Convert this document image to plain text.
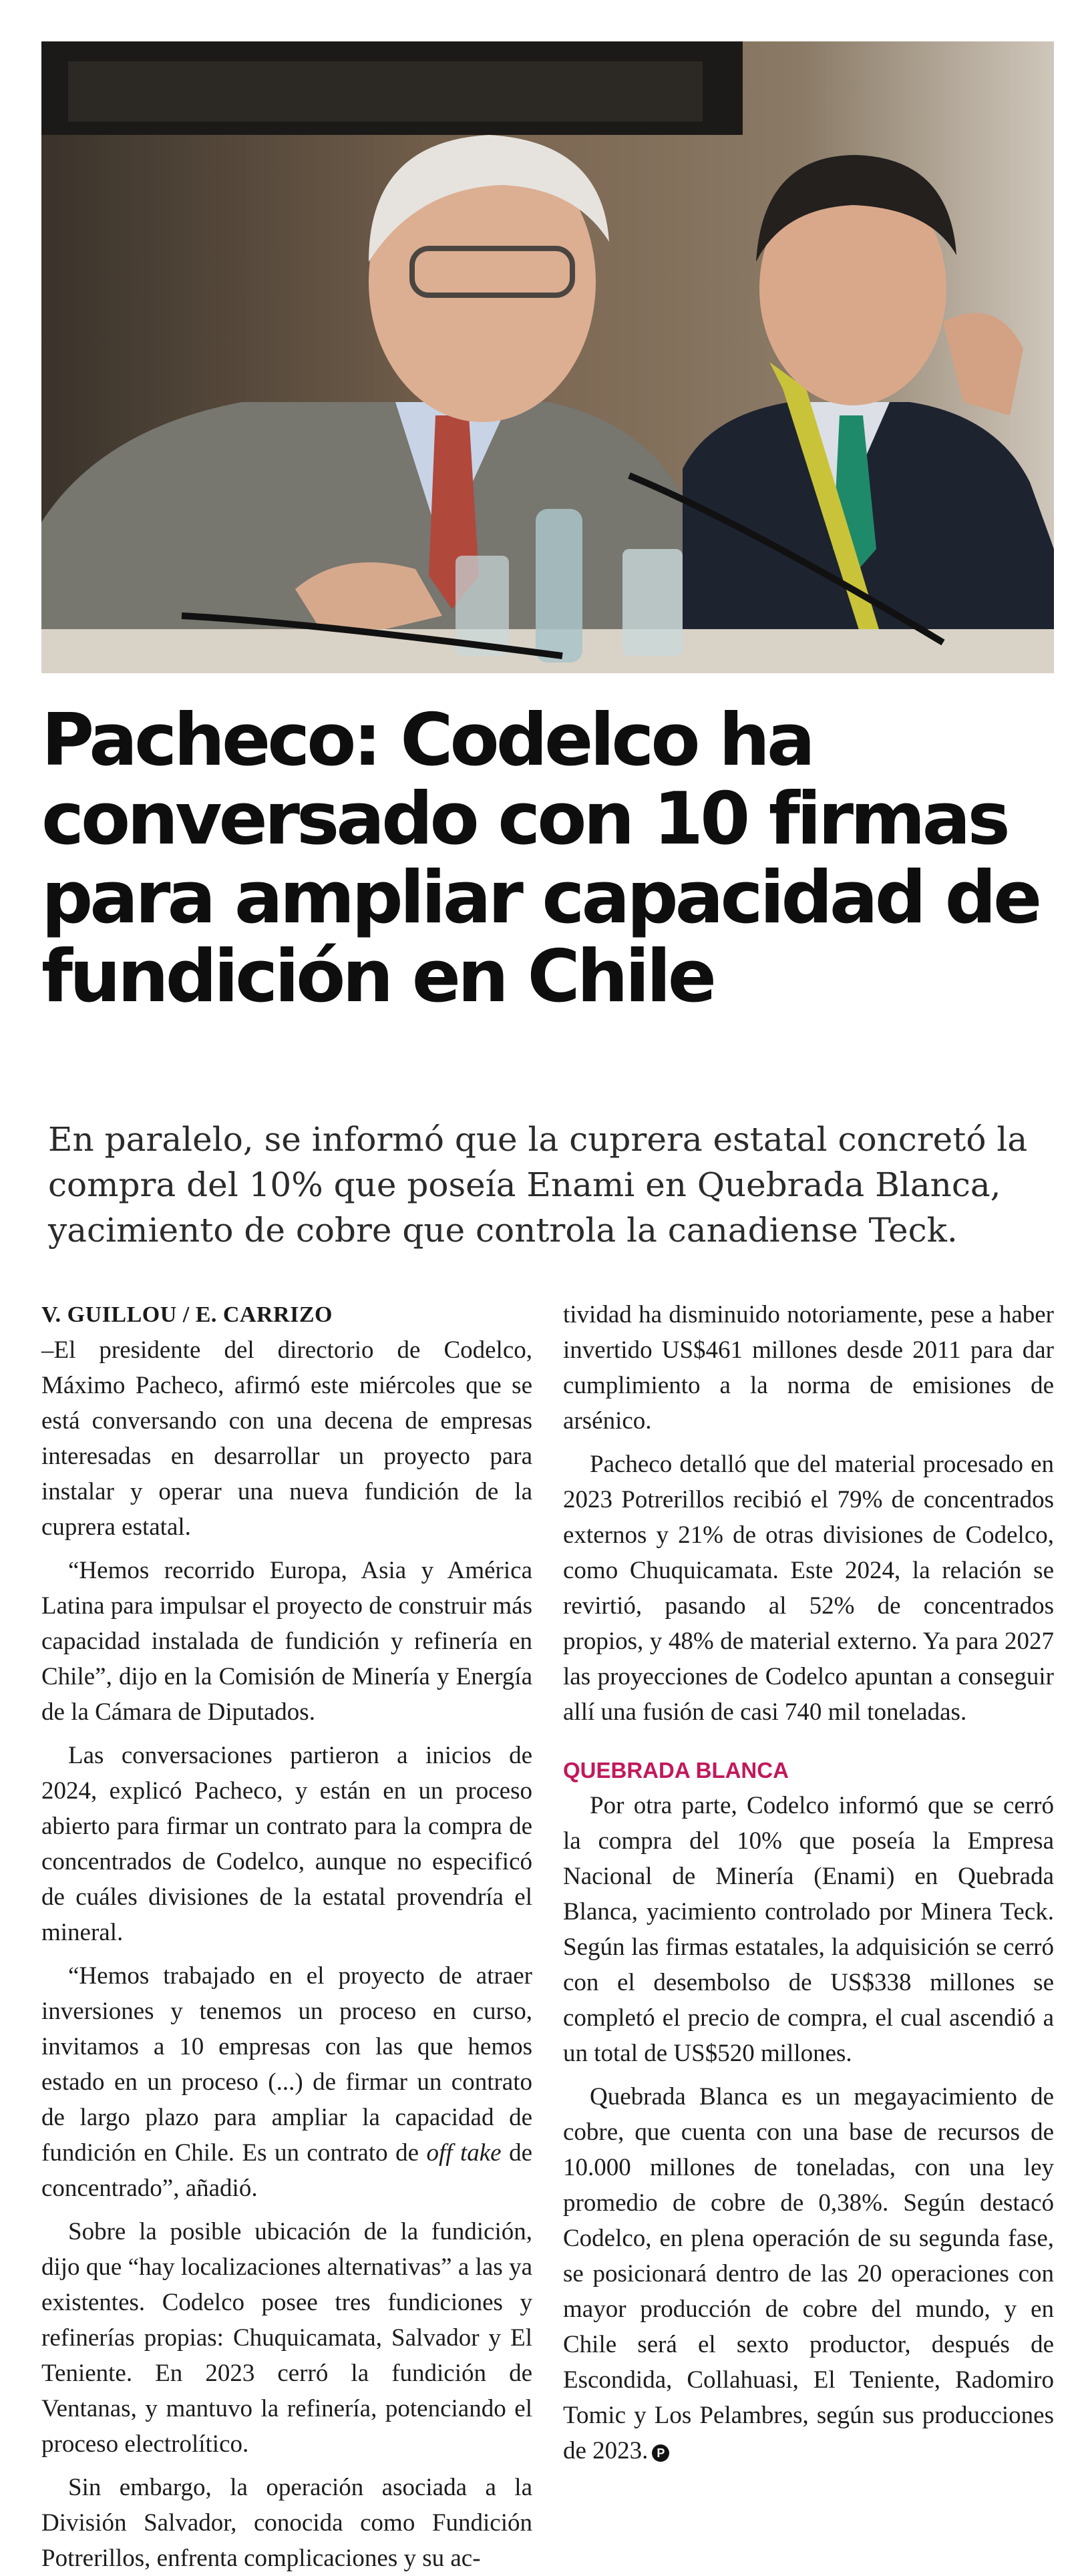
Pacheco: Codelco ha conversado con 10 firmas para ampliar capacidad de fundición en Chile

En paralelo, se informó que la cuprera estatal concretó la compra del 10% que poseía Enami en Quebrada Blanca, yacimiento de cobre que controla la canadiense Teck.

V. GUILLOU / E. CARRIZO

–El presidente del directorio de Codelco, Máximo Pacheco, afirmó este miércoles que se está conversando con una decena de empresas interesadas en desarrollar un proyecto para instalar y operar una nueva fundición de la cuprera estatal.

“Hemos recorrido Europa, Asia y América Latina para impulsar el proyecto de construir más capacidad instalada de fundición y refinería en Chile”, dijo en la Comisión de Minería y Energía de la Cámara de Diputados.

Las conversaciones partieron a inicios de 2024, explicó Pacheco, y están en un proceso abierto para firmar un contrato para la compra de concentrados de Codelco, aunque no especificó de cuáles divisiones de la estatal provendría el mineral.

“Hemos trabajado en el proyecto de atraer inversiones y tenemos un proceso en curso, invitamos a 10 empresas con las que hemos estado en un proceso (...) de firmar un contrato de largo plazo para ampliar la capacidad de fundición en Chile. Es un contrato de off take de concentrado”, añadió.

Sobre la posible ubicación de la fundición, dijo que “hay localizaciones alternativas” a las ya existentes. Codelco posee tres fundiciones y refinerías propias: Chuquicamata, Salvador y El Teniente. En 2023 cerró la fundición de Ventanas, y mantuvo la refinería, potenciando el proceso electrolítico.

Sin embargo, la operación asociada a la División Salvador, conocida como Fundición Potrerillos, enfrenta complicaciones y su ac-

tividad ha disminuido notoriamente, pese a haber invertido US$461 millones desde 2011 para dar cumplimiento a la norma de emisiones de arsénico.

Pacheco detalló que del material procesado en 2023 Potrerillos recibió el 79% de concentrados externos y 21% de otras divisiones de Codelco, como Chuquicamata. Este 2024, la relación se revirtió, pasando al 52% de concentrados propios, y 48% de material externo. Ya para 2027 las proyecciones de Codelco apuntan a conseguir allí una fusión de casi 740 mil toneladas.

QUEBRADA BLANCA

Por otra parte, Codelco informó que se cerró la compra del 10% que poseía la Empresa Nacional de Minería (Enami) en Quebrada Blanca, yacimiento controlado por Minera Teck. Según las firmas estatales, la adquisición se cerró con el desembolso de US$338 millones se completó el precio de compra, el cual ascendió a un total de US$520 millones.

Quebrada Blanca es un megayacimiento de cobre, que cuenta con una base de recursos de 10.000 millones de toneladas, con una ley promedio de cobre de 0,38%. Según destacó Codelco, en plena operación de su segunda fase, se posicionará dentro de las 20 operaciones con mayor producción de cobre del mundo, y en Chile será el sexto productor, después de Escondida, Collahuasi, El Teniente, Radomiro Tomic y Los Pelambres, según sus producciones de 2023. P
